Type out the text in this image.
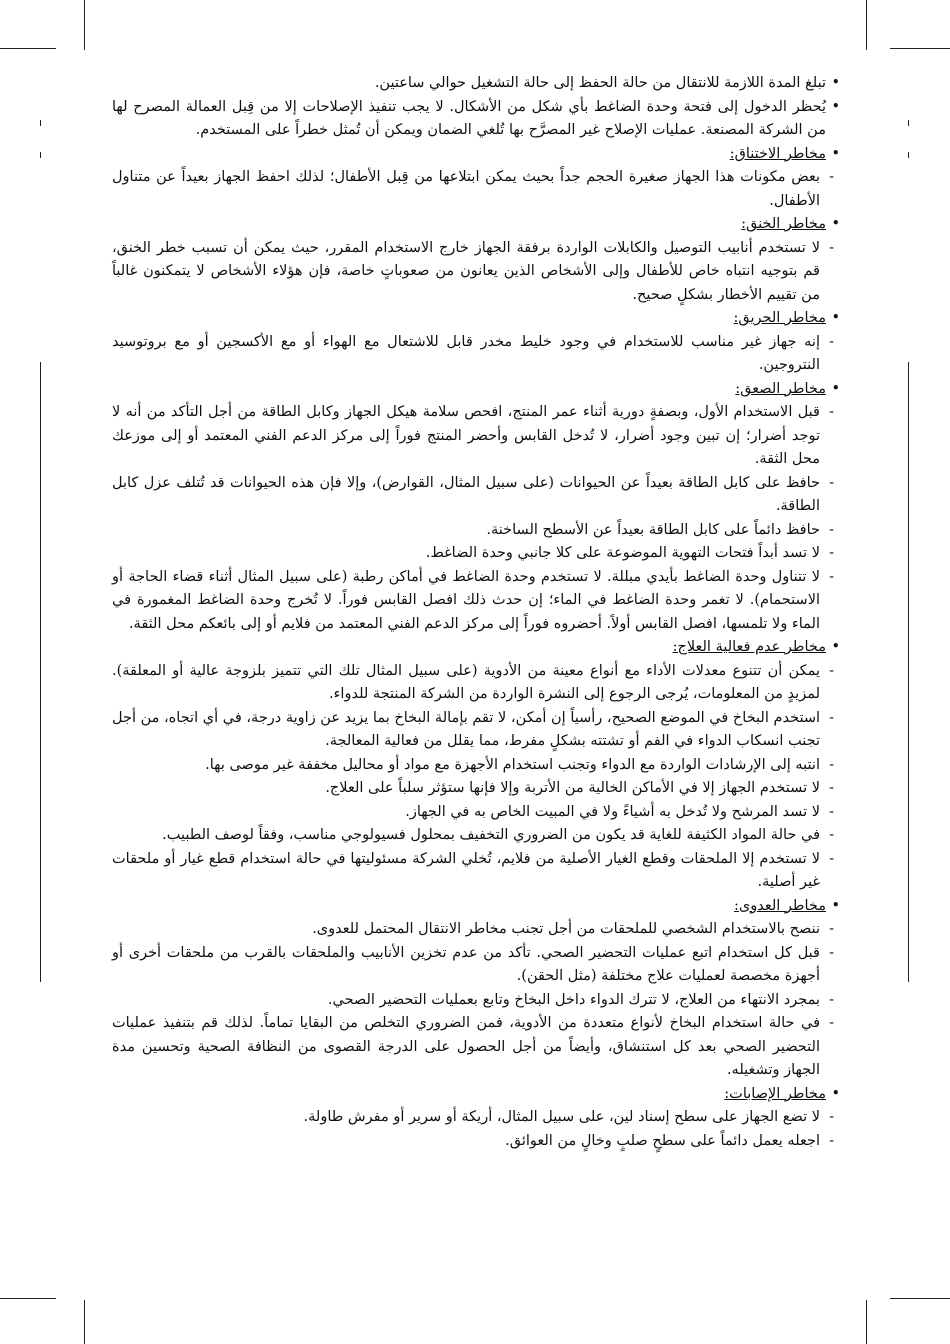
• تبلغ المدة اللازمة للانتقال من حالة الحفظ إلى حالة التشغيل حوالي ساعتين.

• يُحظر الدخول إلى فتحة وحدة الضاغط بأي شكل من الأشكال. لا يجب تنفيذ الإصلاحات إلا من قِبل العمالة المصرح لها من الشركة المصنعة. عمليات الإصلاح غير المصرَّح بها تُلغي الضمان ويمكن أن تُمثل خطراً على المستخدم.

• مخاطر الاختناق:

- بعض مكونات هذا الجهاز صغيرة الحجم جداً بحيث يمكن ابتلاعها من قِبل الأطفال؛ لذلك احفظ الجهاز بعيداً عن متناول الأطفال.

• مخاطر الخنق:

- لا تستخدم أنابيب التوصيل والكابلات الواردة برفقة الجهاز خارج الاستخدام المقرر، حيث يمكن أن تسبب خطر الخنق، قم بتوجيه انتباه خاص للأطفال وإلى الأشخاص الذين يعانون من صعوباتٍ خاصة، فإن هؤلاء الأشخاص لا يتمكنون غالباً من تقييم الأخطار بشكلٍ صحيح.

• مخاطر الحريق:

- إنه جهاز غير مناسب للاستخدام في وجود خليط مخدر قابل للاشتعال مع الهواء أو مع الأكسجين أو مع بروتوسيد النتروجين.

• مخاطر الصعق:

- قبل الاستخدام الأول، وبصفةٍ دورية أثناء عمر المنتج، افحص سلامة هيكل الجهاز وكابل الطاقة من أجل التأكد من أنه لا توجد أضرار؛ إن تبين وجود أضرار، لا تُدخل القابس وأحضر المنتج فوراً إلى مركز الدعم الفني المعتمد أو إلى موزعك محل الثقة.

- حافظ على كابل الطاقة بعيداً عن الحيوانات (على سبيل المثال، القوارض)، وإلا فإن هذه الحيوانات قد تُتلف عزل كابل الطاقة.

- حافظ دائماً على كابل الطاقة بعيداً عن الأسطح الساخنة.

- لا تسد أبداً فتحات التهوية الموضوعة على كلا جانبي وحدة الضاغط.

- لا تتناول وحدة الضاغط بأيدي مبللة. لا تستخدم وحدة الضاغط في أماكن رطبة (على سبيل المثال أثناء قضاء الحاجة أو الاستحمام). لا تغمر وحدة الضاغط في الماء؛ إن حدث ذلك افصل القابس فوراً. لا تُخرج وحدة الضاغط المغمورة في الماء ولا تلمسها، افصل القابس أولاً. أحضروه فوراً إلى مركز الدعم الفني المعتمد من فلايم أو إلى بائعكم محل الثقة.

• مخاطر عدم فعالية العلاج:

- يمكن أن تتنوع معدلات الأداء مع أنواع معينة من الأدوية (على سبيل المثال تلك التي تتميز بلزوجة عالية أو المعلقة). لمزيدٍ من المعلومات، يُرجى الرجوع إلى النشرة الواردة من الشركة المنتجة للدواء.

- استخدم البخاخ في الموضع الصحيح، رأسياً إن أمكن، لا تقم بإمالة البخاخ بما يزيد عن زاوية درجة، في أي اتجاه، من أجل تجنب انسكاب الدواء في الفم أو تشتته بشكلٍ مفرط، مما يقلل من فعالية المعالجة.

- انتبه إلى الإرشادات الواردة مع الدواء وتجنب استخدام الأجهزة مع مواد أو محاليل مخففة غير موصى بها.

- لا تستخدم الجهاز إلا في الأماكن الخالية من الأتربة وإلا فإنها ستؤثر سلباً على العلاج.

- لا تسد المرشح ولا تُدخل به أشياءً ولا في المبيت الخاص به في الجهاز.

- في حالة المواد الكثيفة للغاية قد يكون من الضروري التخفيف بمحلول فسيولوجي مناسب، وفقاً لوصف الطبيب.

- لا تستخدم إلا الملحقات وقطع الغيار الأصلية من فلايم، تُخلي الشركة مسئوليتها في حالة استخدام قطع غيار أو ملحقات غير أصلية.

• مخاطر العدوى:

- ننصح بالاستخدام الشخصي للملحقات من أجل تجنب مخاطر الانتقال المحتمل للعدوى.

- قبل كل استخدام اتبع عمليات التحضير الصحي. تأكد من عدم تخزين الأنابيب والملحقات بالقرب من ملحقات أخرى أو أجهزة مخصصة لعمليات علاج مختلفة (مثل الحقن).

- بمجرد الانتهاء من العلاج، لا تترك الدواء داخل البخاخ وتابع بعمليات التحضير الصحي.

- في حالة استخدام البخاخ لأنواع متعددة من الأدوية، فمن الضروري التخلص من البقايا تماماً. لذلك قم بتنفيذ عمليات التحضير الصحي بعد كل استنشاق، وأيضاً من أجل الحصول على الدرجة القصوى من النظافة الصحية وتحسين مدة الجهاز وتشغيله.

• مخاطر الإصابات:

- لا تضع الجهاز على سطح إسناد لين، على سبيل المثال، أريكة أو سرير أو مفرش طاولة.

- اجعله يعمل دائماً على سطحٍ صلبٍ وخالٍ من العوائق.
